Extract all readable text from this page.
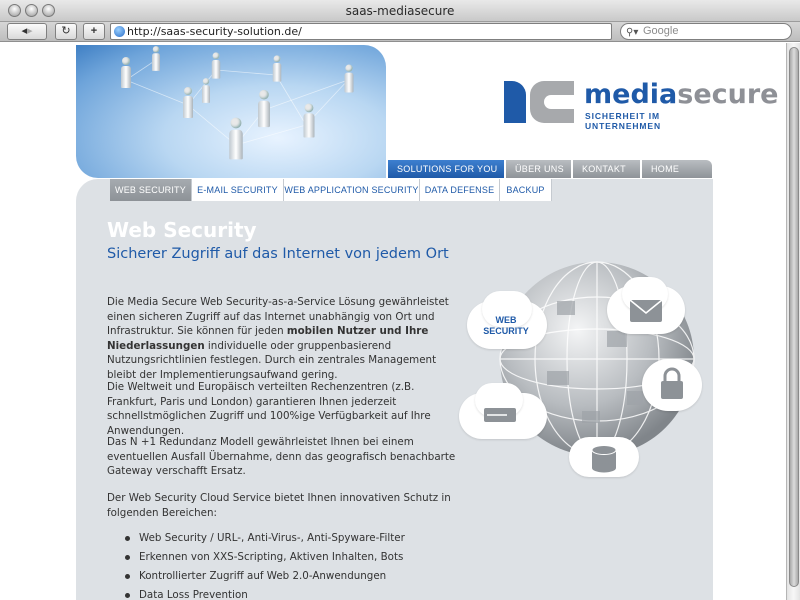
saas-mediasecure
◂▸	↻	+	http://saas-security-solution.de/	⚲▾ Google
mediasecure
SICHERHEIT IM UNTERNEHMEN
SOLUTIONS FOR YOU	ÜBER UNS	KONTAKT	HOME
WEB SECURITY	E-MAIL SECURITY WEB APPLICATION SECURITY DATA DEFENSE	BACKUP
Web Security
Sicherer Zugriff auf das Internet von jedem Ort
Die Media Secure Web Security-as-a-Service Lösung gewährleistet einen sicheren Zugriff auf das Internet unabhängig von Ort und Infrastruktur. Sie können für jeden mobilen Nutzer und Ihre Niederlassungen individuelle oder gruppenbasierend Nutzungsrichtlinien festlegen. Durch ein zentrales Management bleibt der Implementierungsaufwand gering.
Die Weltweit und Europäisch verteilten Rechenzentren (z.B. Frankfurt, Paris und London) garantieren Ihnen jederzeit schnellstmöglichen Zugriff und 100%ige Verfügbarkeit auf Ihre Anwendungen.
Das N +1 Redundanz Modell gewährleistet Ihnen bei einem eventuellen Ausfall Übernahme, denn das geografisch benachbarte Gateway verschafft Ersatz.
Der Web Security Cloud Service bietet Ihnen innovativen Schutz in folgenden Bereichen:
Web Security / URL-, Anti-Virus-, Anti-Spyware-Filter
Erkennen von XXS-Scripting, Aktiven Inhalten, Bots
Kontrollierter Zugriff auf Web 2.0-Anwendungen
Data Loss Prevention
WEB
SECURITY
